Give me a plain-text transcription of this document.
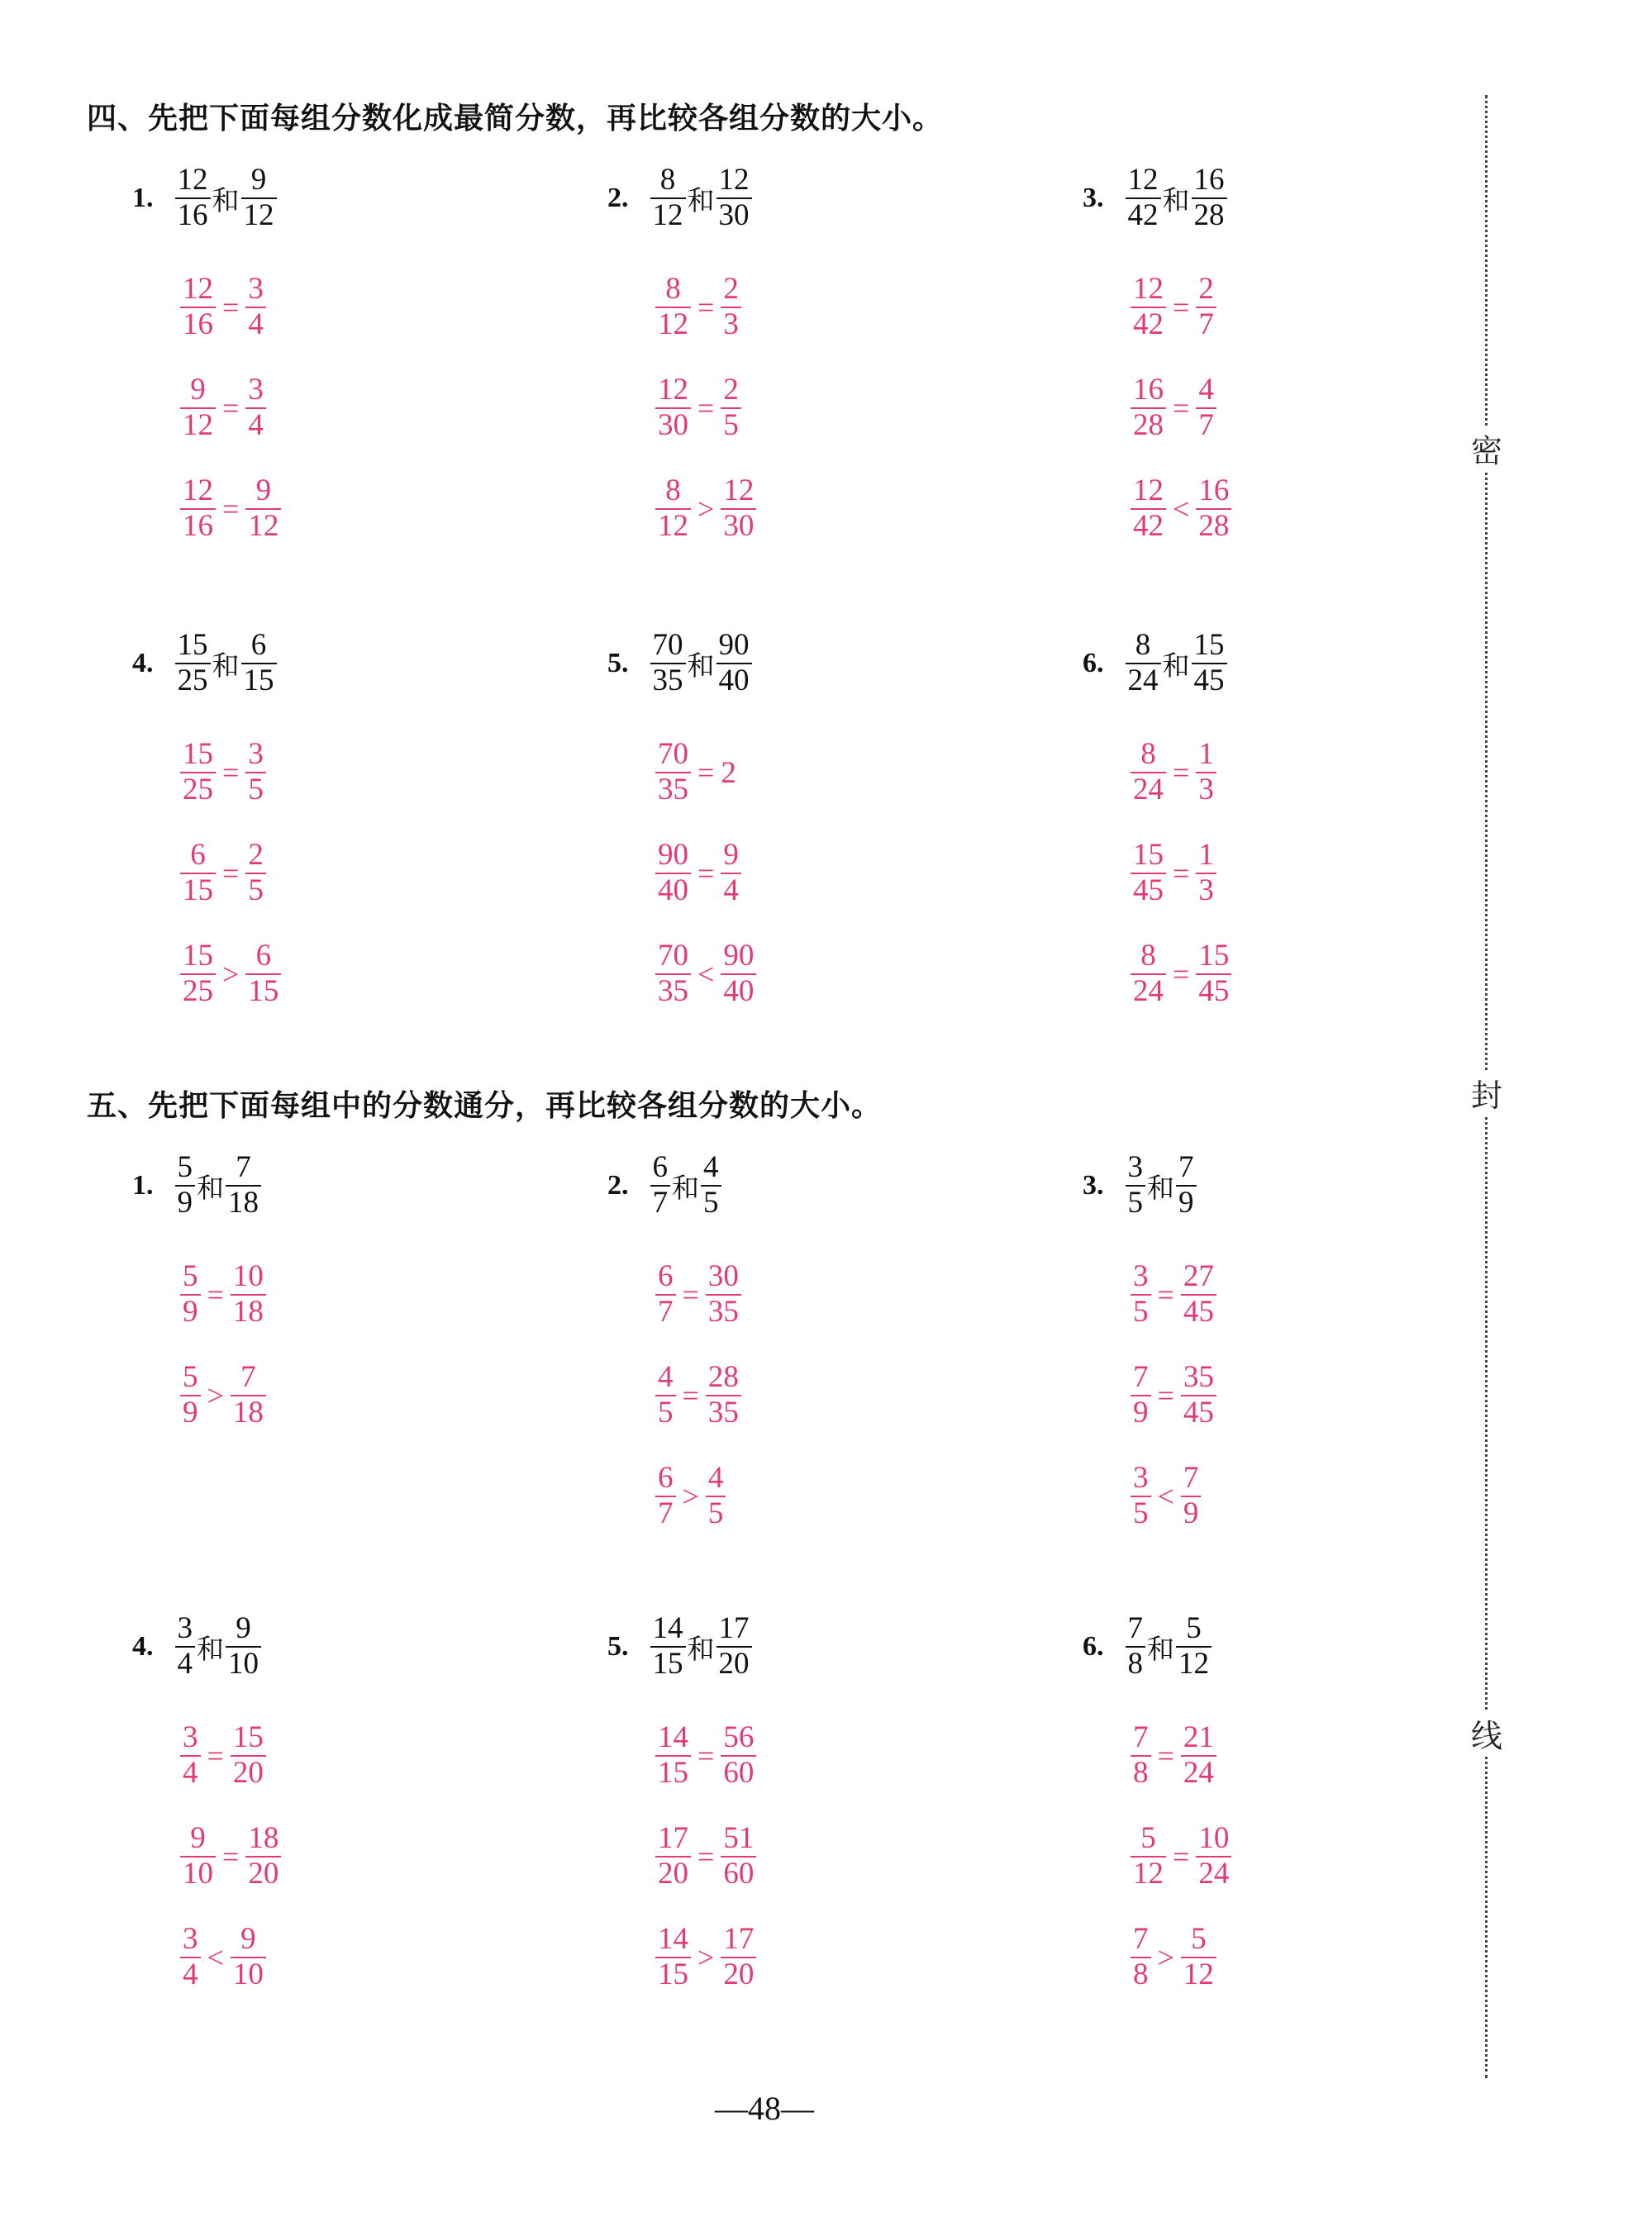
四、先把下面每组分数化成最简分数，再比较各组分数的大小。
1. $\frac{12}{16}$ 和 $\frac{9}{12}$
$\frac{12}{16} = \frac{3}{4}$
$\frac{9}{12} = \frac{3}{4}$
$\frac{12}{16} = \frac{9}{12}$
2. $\frac{8}{12}$ 和 $\frac{12}{30}$
$\frac{8}{12} = \frac{2}{3}$
$\frac{12}{30} = \frac{2}{5}$
$\frac{8}{12} > \frac{12}{30}$
3. $\frac{12}{42}$ 和 $\frac{16}{28}$
$\frac{12}{42} = \frac{2}{7}$
$\frac{16}{28} = \frac{4}{7}$
$\frac{12}{42} < \frac{16}{28}$
4. $\frac{15}{25}$ 和 $\frac{6}{15}$
$\frac{15}{25} = \frac{3}{5}$
$\frac{6}{15} = \frac{2}{5}$
$\frac{15}{25} > \frac{6}{15}$
5. $\frac{70}{35}$ 和 $\frac{90}{40}$
$\frac{70}{35} = 2$
$\frac{90}{40} = \frac{9}{4}$
$\frac{70}{35} < \frac{90}{40}$
6. $\frac{8}{24}$ 和 $\frac{15}{45}$
$\frac{8}{24} = \frac{1}{3}$
$\frac{15}{45} = \frac{1}{3}$
$\frac{8}{24} = \frac{15}{45}$
五、先把下面每组中的分数通分，再比较各组分数的大小。
1. $\frac{5}{9}$ 和 $\frac{7}{18}$
$\frac{5}{9} = \frac{10}{18}$
$\frac{5}{9} > \frac{7}{18}$
2. $\frac{6}{7}$ 和 $\frac{4}{5}$
$\frac{6}{7} = \frac{30}{35}$
$\frac{4}{5} = \frac{28}{35}$
$\frac{6}{7} > \frac{4}{5}$
3. $\frac{3}{5}$ 和 $\frac{7}{9}$
$\frac{3}{5} = \frac{27}{45}$
$\frac{7}{9} = \frac{35}{45}$
$\frac{3}{5} < \frac{7}{9}$
4. $\frac{3}{4}$ 和 $\frac{9}{10}$
$\frac{3}{4} = \frac{15}{20}$
$\frac{9}{10} = \frac{18}{20}$
$\frac{3}{4} < \frac{9}{10}$
5. $\frac{14}{15}$ 和 $\frac{17}{20}$
$\frac{14}{15} = \frac{56}{60}$
$\frac{17}{20} = \frac{51}{60}$
$\frac{14}{15} > \frac{17}{20}$
6. $\frac{7}{8}$ 和 $\frac{5}{12}$
$\frac{7}{8} = \frac{21}{24}$
$\frac{5}{12} = \frac{10}{24}$
$\frac{7}{8} > \frac{5}{12}$
密
封
线
—48—
